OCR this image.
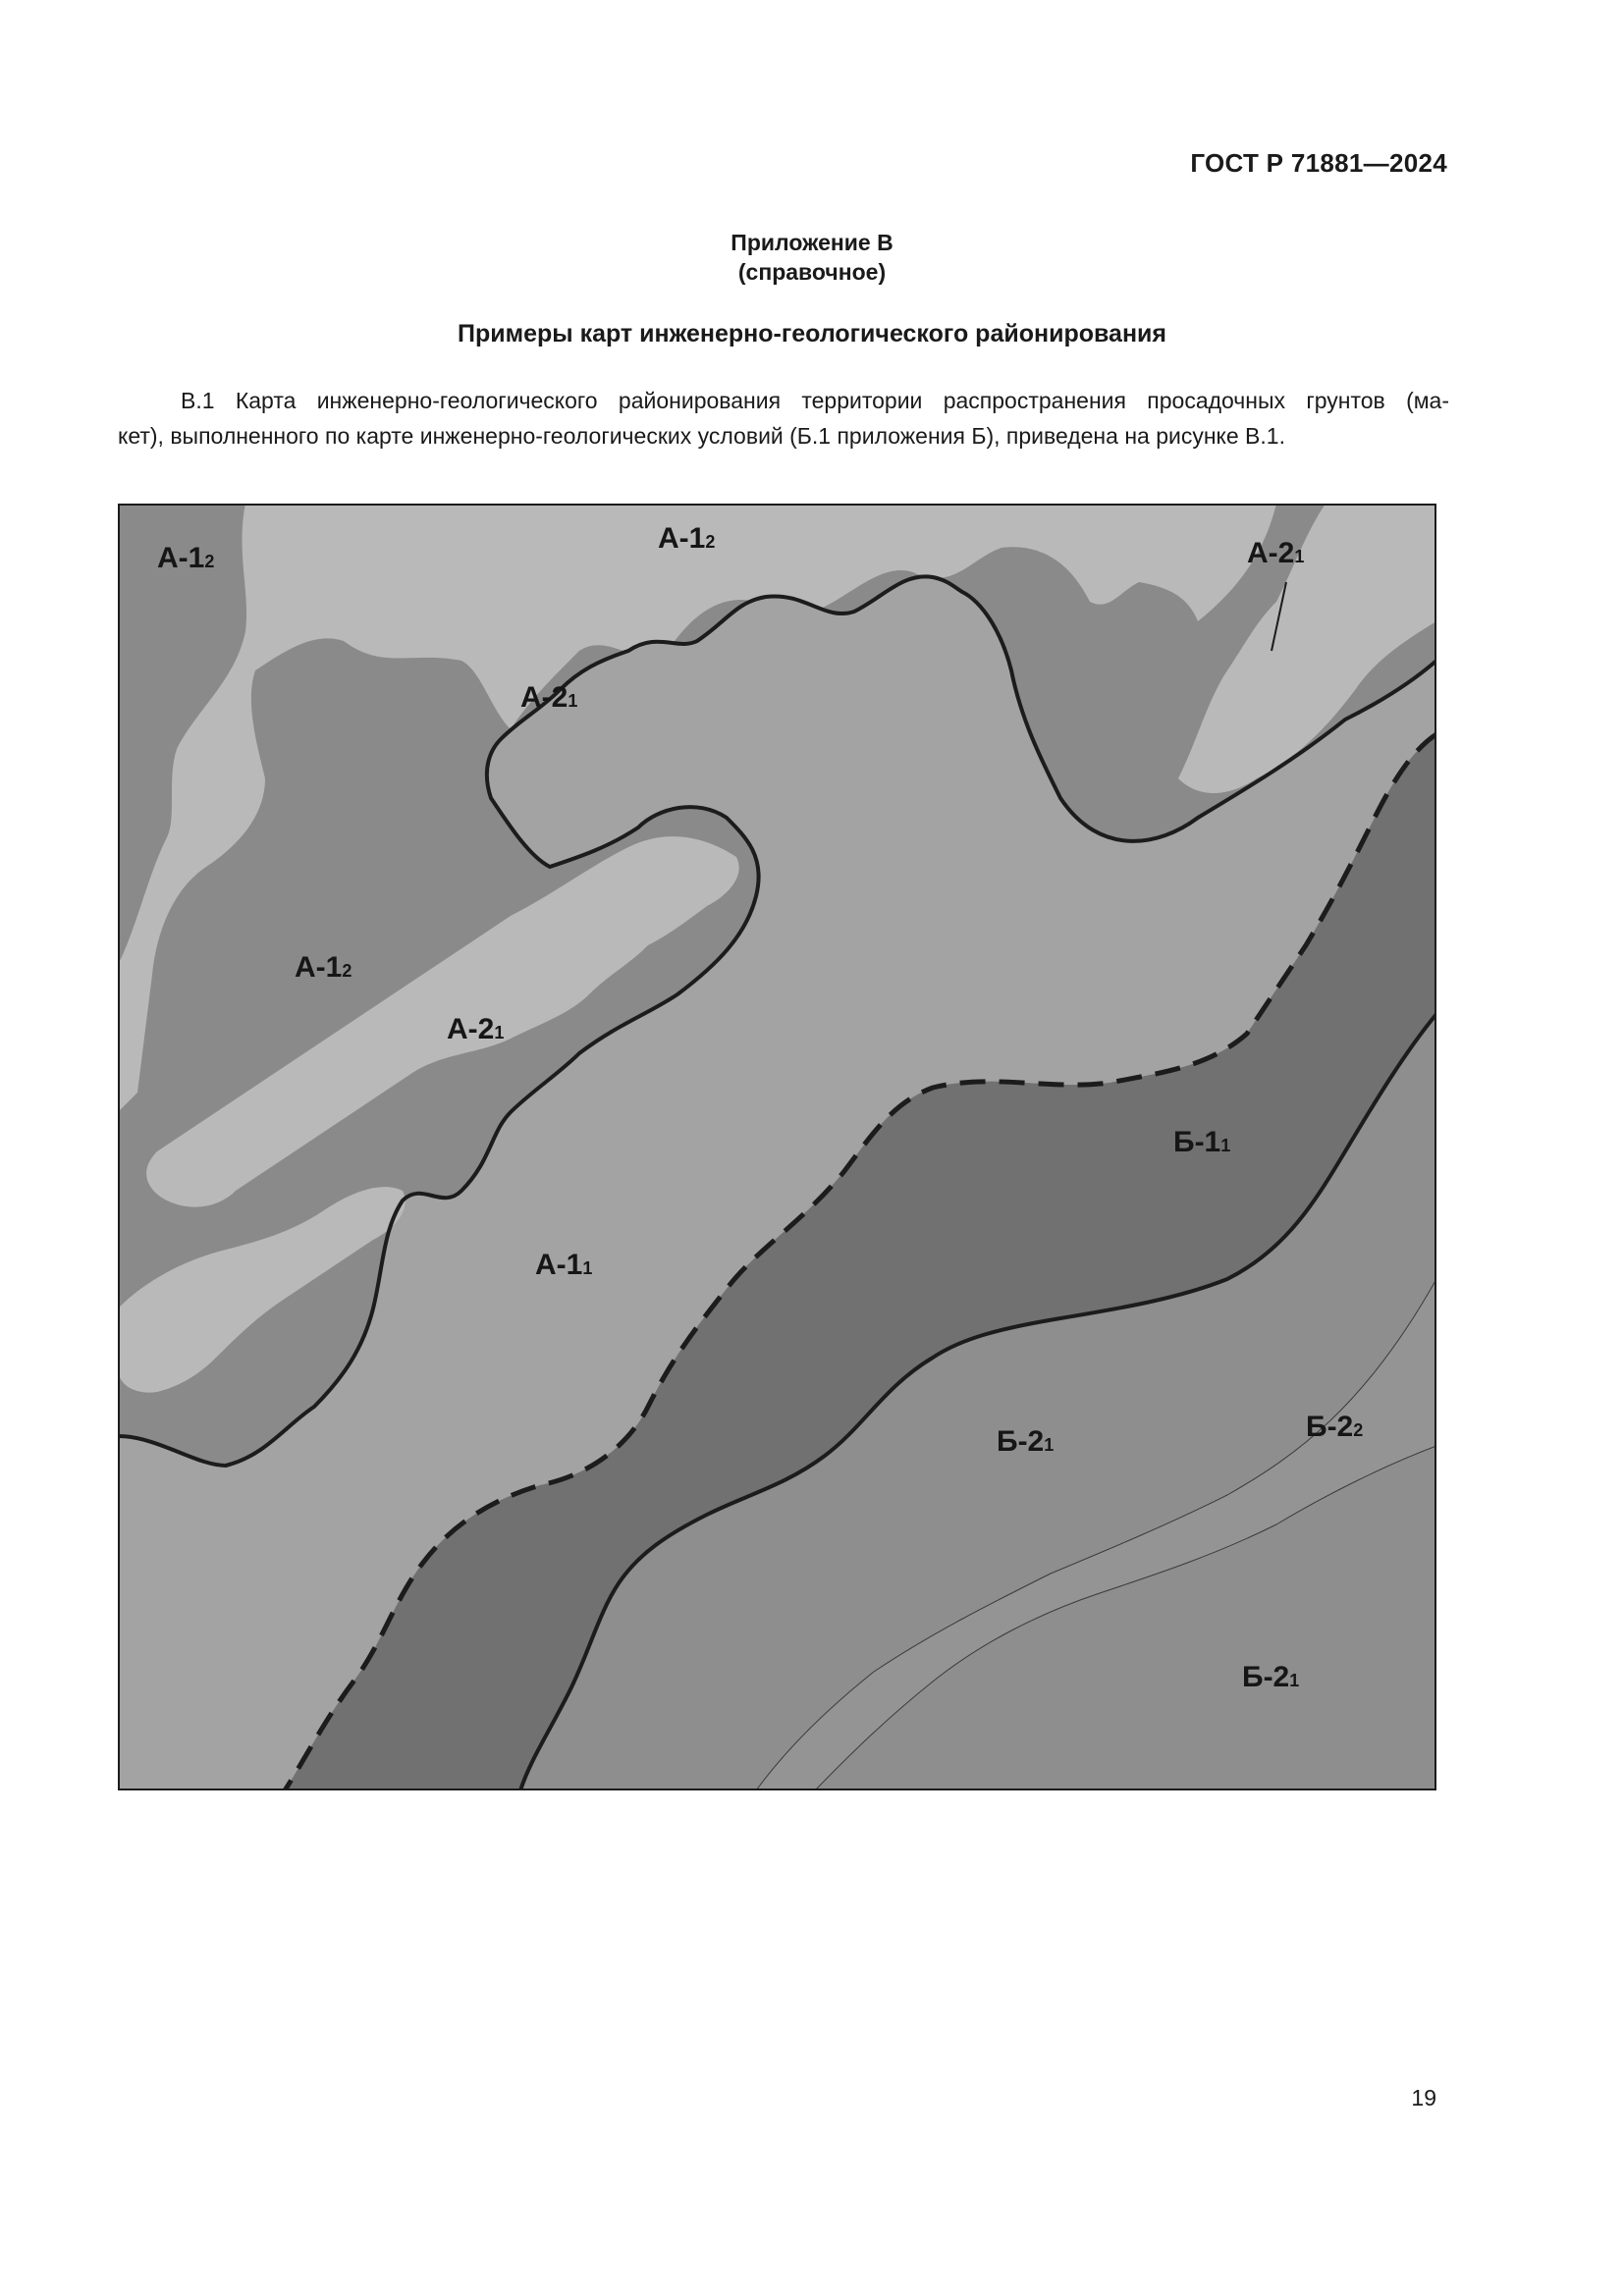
ГОСТ Р 71881—2024
Приложение В
(справочное)
Примеры карт инженерно-геологического районирования
В.1 Карта инженерно-геологического районирования территории распространения просадочных грунтов (ма-
кет), выполненного по карте инженерно-геологических условий (Б.1 приложения Б), приведена на рисунке В.1.
А-12
А-12	А-21
А-21
А-12
А-21
А-11
Б-11
Б-21
Б-22
Б-21
19
